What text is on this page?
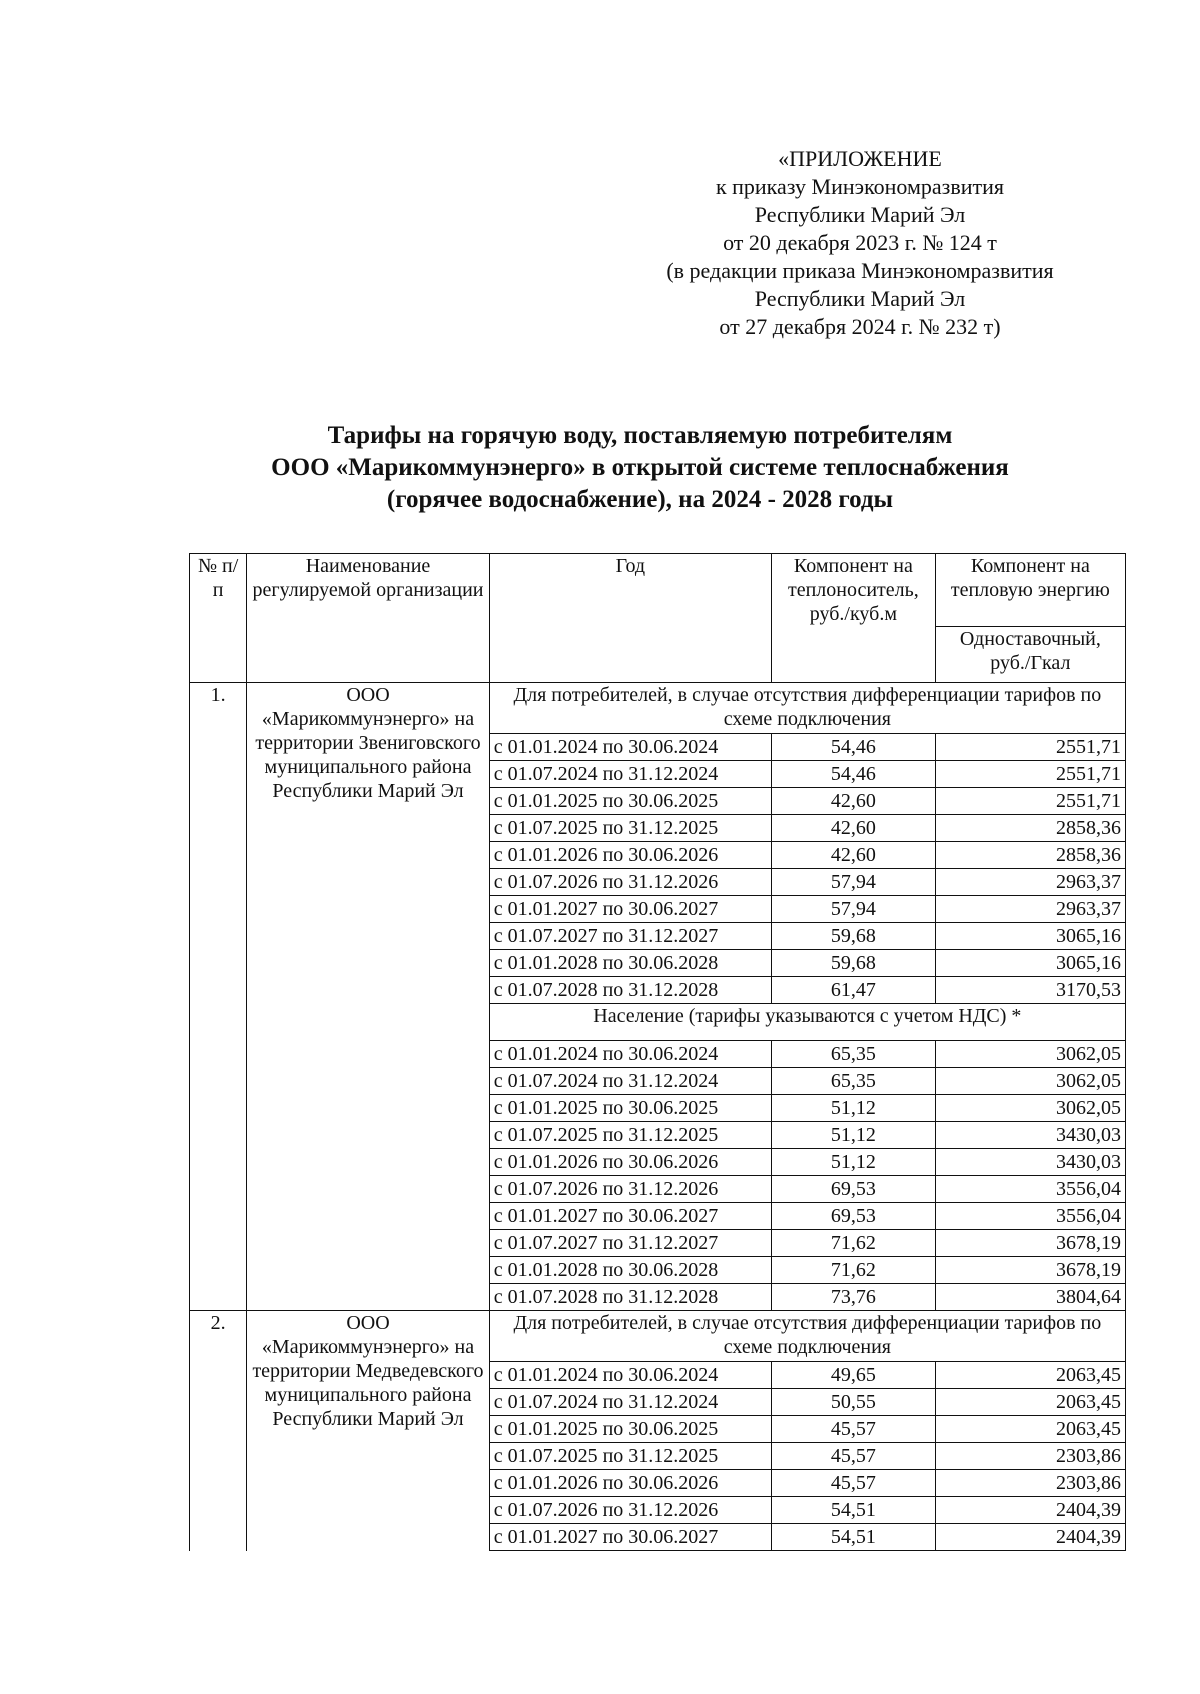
«ПРИЛОЖЕНИЕ
к приказу Минэкономразвития
Республики Марий Эл
от 20 декабря 2023 г. № 124 т
(в редакции приказа Минэкономразвития
Республики Марий Эл
от 27 декабря 2024 г. № 232 т)
Тарифы на горячую воду, поставляемую потребителям
ООО «Марикоммунэнерго» в открытой системе теплоснабжения
(горячее водоснабжение), на 2024 - 2028 годы
№ п/п	Наименование регулируемой организации	Год	Компонент на теплоноситель, руб./куб.м	Компонент на тепловую энергию
				Одноставочный, руб./Гкал
1.	ООО «Марикоммунэнерго» на территории Звениговского муниципального района Республики Марий Эл	Для потребителей, в случае отсутствия дифференциации тарифов по схеме подключения		
		с 01.01.2024 по 30.06.2024	54,46	2551,71
		с 01.07.2024 по 31.12.2024	54,46	2551,71
		с 01.01.2025 по 30.06.2025	42,60	2551,71
		с 01.07.2025 по 31.12.2025	42,60	2858,36
		с 01.01.2026 по 30.06.2026	42,60	2858,36
		с 01.07.2026 по 31.12.2026	57,94	2963,37
		с 01.01.2027 по 30.06.2027	57,94	2963,37
		с 01.07.2027 по 31.12.2027	59,68	3065,16
		с 01.01.2028 по 30.06.2028	59,68	3065,16
		с 01.07.2028 по 31.12.2028	61,47	3170,53
		Население (тарифы указываются с учетом НДС) *		
		с 01.01.2024 по 30.06.2024	65,35	3062,05
		с 01.07.2024 по 31.12.2024	65,35	3062,05
		с 01.01.2025 по 30.06.2025	51,12	3062,05
		с 01.07.2025 по 31.12.2025	51,12	3430,03
		с 01.01.2026 по 30.06.2026	51,12	3430,03
		с 01.07.2026 по 31.12.2026	69,53	3556,04
		с 01.01.2027 по 30.06.2027	69,53	3556,04
		с 01.07.2027 по 31.12.2027	71,62	3678,19
		с 01.01.2028 по 30.06.2028	71,62	3678,19
		с 01.07.2028 по 31.12.2028	73,76	3804,64
2.	ООО «Марикоммунэнерго» на территории Медведевского муниципального района Республики Марий Эл	Для потребителей, в случае отсутствия дифференциации тарифов по схеме подключения		
		с 01.01.2024 по 30.06.2024	49,65	2063,45
		с 01.07.2024 по 31.12.2024	50,55	2063,45
		с 01.01.2025 по 30.06.2025	45,57	2063,45
		с 01.07.2025 по 31.12.2025	45,57	2303,86
		с 01.01.2026 по 30.06.2026	45,57	2303,86
		с 01.07.2026 по 31.12.2026	54,51	2404,39
		с 01.01.2027 по 30.06.2027	54,51	2404,39
